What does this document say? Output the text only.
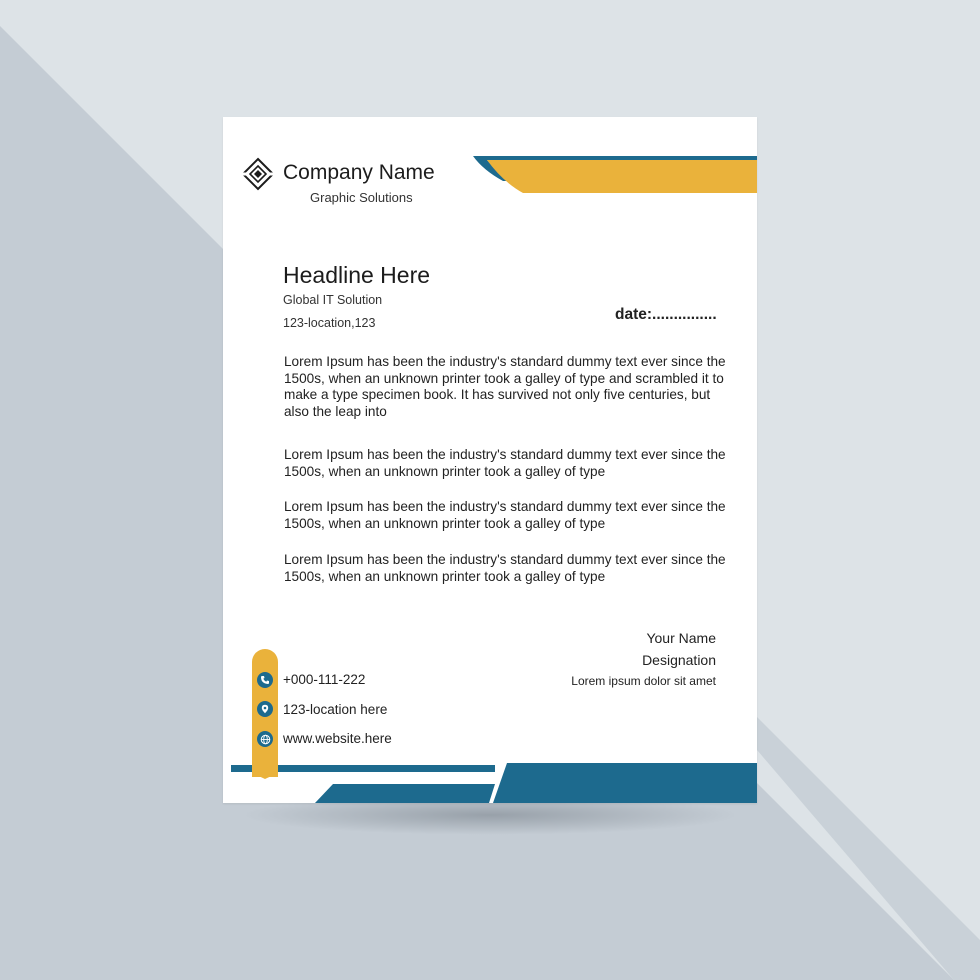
Company Name
Graphic Solutions
Headline Here
Global IT Solution
123-location,123	date:...............
Lorem Ipsum has been the industry's standard dummy text ever since the 1500s, when an unknown printer took a galley of type and scrambled it to make a type specimen book. It has survived not only five centuries, but also the leap into
Lorem Ipsum has been the industry's standard dummy text ever since the 1500s, when an unknown printer took a galley of type
Lorem Ipsum has been the industry's standard dummy text ever since the 1500s, when an unknown printer took a galley of type
Lorem Ipsum has been the industry's standard dummy text ever since the 1500s, when an unknown printer took a galley of type
Your Name
Designation
Lorem ipsum dolor sit amet
+000-111-222
123-location here
www.website.here
